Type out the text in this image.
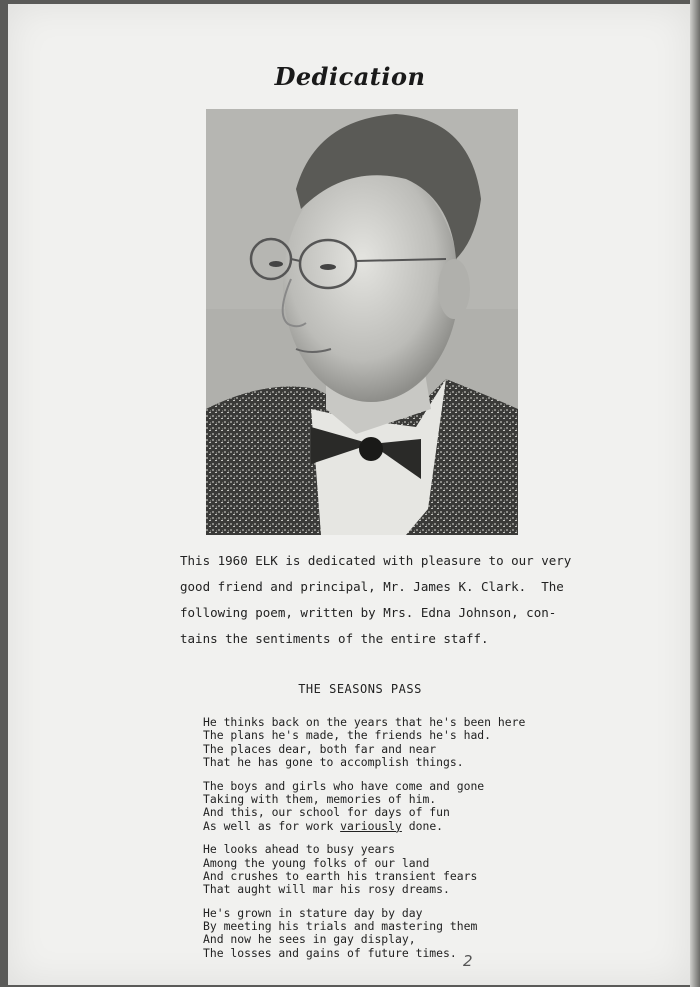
Dedication
This 1960 ELK is dedicated with pleasure to our very
good friend and principal, Mr. James K. Clark.  The
following poem, written by Mrs. Edna Johnson, con-
tains the sentiments of the entire staff.
THE SEASONS PASS
He thinks back on the years that he's been here
The plans he's made, the friends he's had.
The places dear, both far and near
That he has gone to accomplish things.
The boys and girls who have come and gone
Taking with them, memories of him.
And this, our school for days of fun
As well as for work variously done.
He looks ahead to busy years
Among the young folks of our land
And crushes to earth his transient fears
That aught will mar his rosy dreams.
He's grown in stature day by day
By meeting his trials and mastering them
And now he sees in gay display,
The losses and gains of future times. 2
